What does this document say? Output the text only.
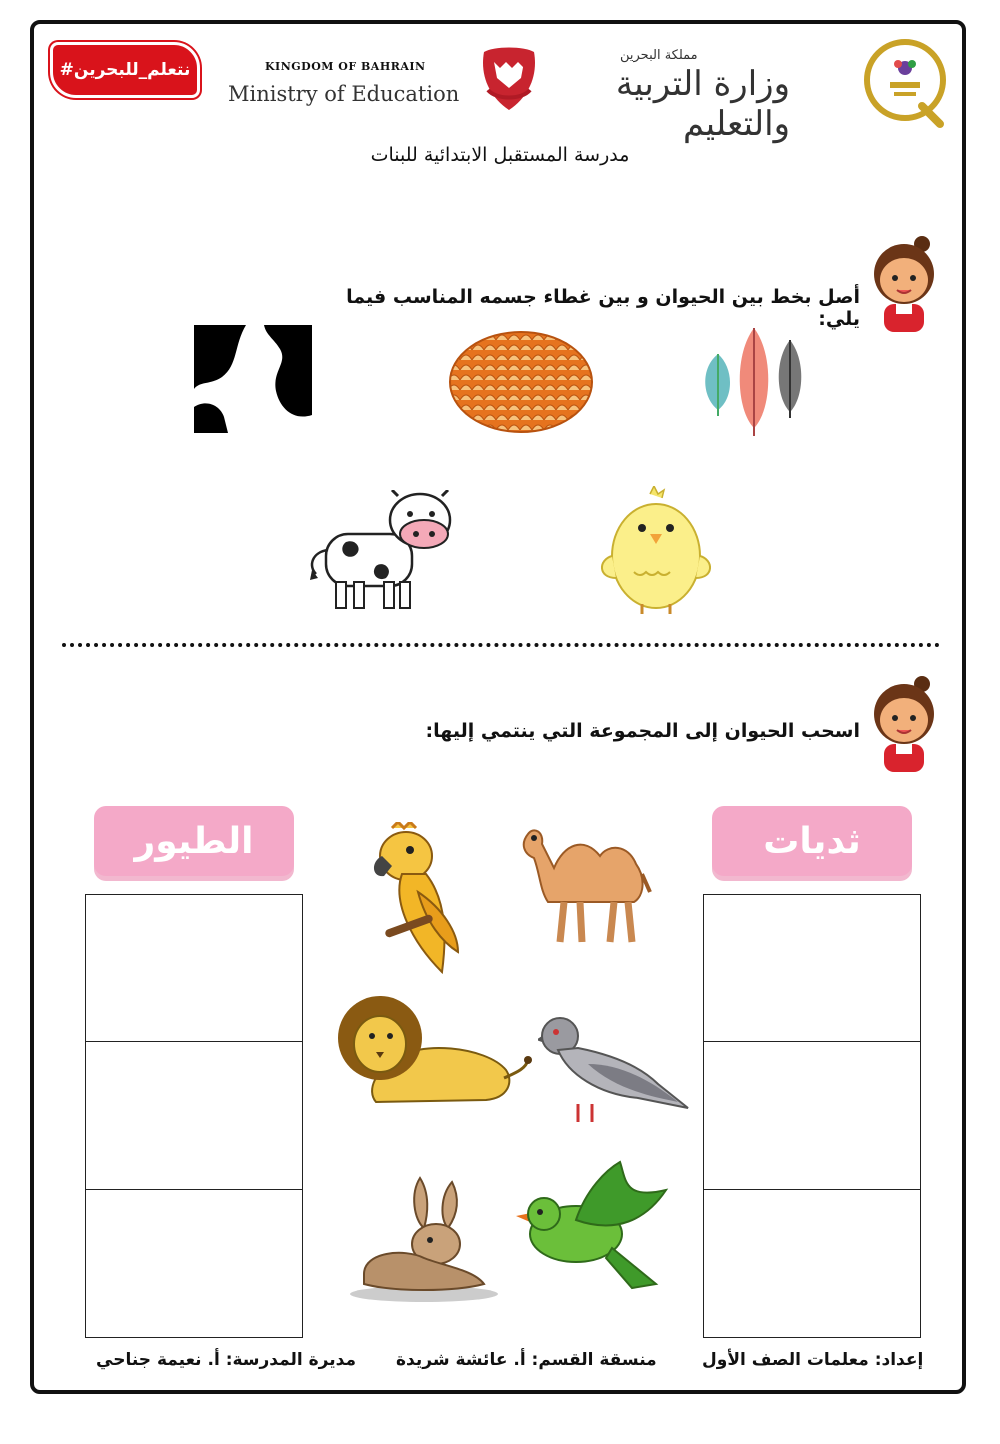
#نتعلم_للبحرين	KINGDOM OF BAHRAIN
Ministry of Education
مملكة البحرين
وزارة التربية والتعليم
مدرسة المستقبل الابتدائية للبنات
أصل بخط بين الحيوان و بين غطاء جسمه المناسب فيما يلي:
اسحب الحيوان إلى المجموعة التي ينتمي إليها:
الطيور	ثديات
مديرة المدرسة: أ. نعيمة جناحي منسقة القسم: أ. عائشة شريدة	إعداد: معلمات الصف الأول
